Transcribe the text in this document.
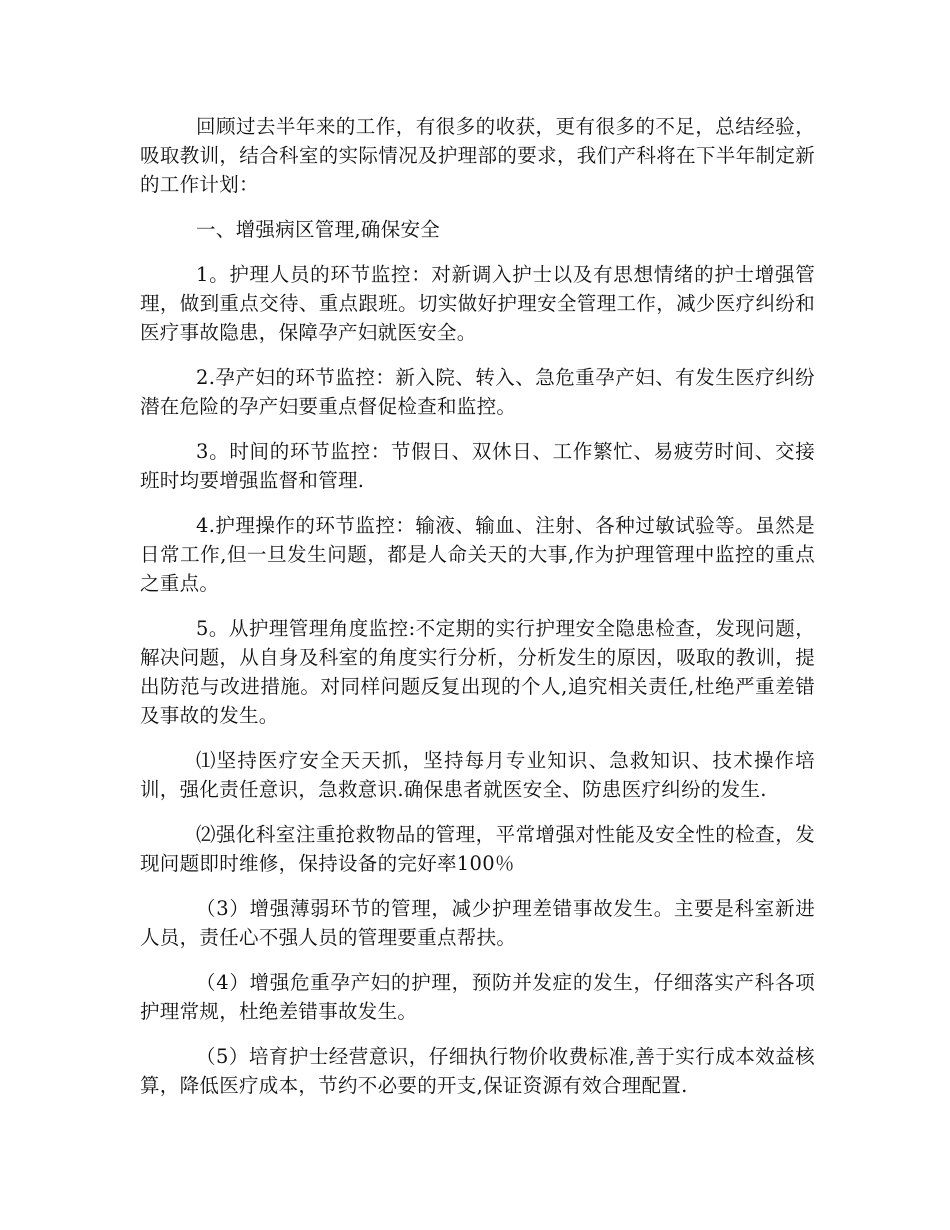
回顾过去半年来的工作，有很多的收获，更有很多的不足，总结经验，吸取教训，结合科室的实际情况及护理部的要求，我们产科将在下半年制定新的工作计划：

一、增强病区管理,确保安全

1。护理人员的环节监控：对新调入护士以及有思想情绪的护士增强管理，做到重点交待、重点跟班。切实做好护理安全管理工作，减少医疗纠纷和医疗事故隐患，保障孕产妇就医安全。

2.孕产妇的环节监控：新入院、转入、急危重孕产妇、有发生医疗纠纷潜在危险的孕产妇要重点督促检查和监控。

3。时间的环节监控：节假日、双休日、工作繁忙、易疲劳时间、交接班时均要增强监督和管理.

4.护理操作的环节监控：输液、输血、注射、各种过敏试验等。虽然是日常工作,但一旦发生问题，都是人命关天的大事,作为护理管理中监控的重点之重点。

5。从护理管理角度监控:不定期的实行护理安全隐患检查，发现问题，解决问题，从自身及科室的角度实行分析，分析发生的原因，吸取的教训，提出防范与改进措施。对同样问题反复出现的个人,追究相关责任,杜绝严重差错及事故的发生。

⑴坚持医疗安全天天抓，坚持每月专业知识、急救知识、技术操作培训，强化责任意识，急救意识.确保患者就医安全、防患医疗纠纷的发生.

⑵强化科室注重抢救物品的管理，平常增强对性能及安全性的检查，发现问题即时维修，保持设备的完好率100％

（3）增强薄弱环节的管理，减少护理差错事故发生。主要是科室新进人员，责任心不强人员的管理要重点帮扶。

（4）增强危重孕产妇的护理，预防并发症的发生，仔细落实产科各项护理常规，杜绝差错事故发生。

（5）培育护士经营意识，仔细执行物价收费标准,善于实行成本效益核算，降低医疗成本，节约不必要的开支,保证资源有效合理配置.
